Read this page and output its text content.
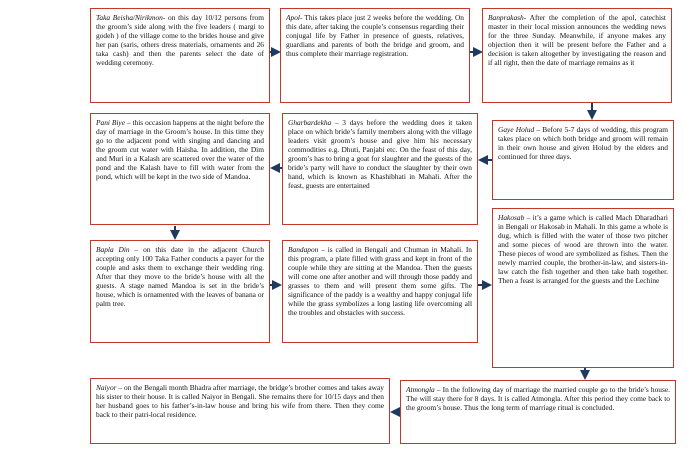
Taka Beisha/Nirikmon- on this day 10/12 persons from the groom’s side along with the five leaders ( margi to godeh ) of the village come to the brides house and give her pan (saris, others dress materials, ornaments and 26 taka cash) and then the parents select the date of wedding ceremony.
Apol- This takes place just 2 weeks before the wedding. On this date, after taking the couple’s consensus regarding their conjugal life by Father in presence of guests, relatives, guardians and parents of both the bridge and groom, and thus complete their marriage registration.
Banprakash- After the completion of the apol, catechist master in their local mission announces the wedding news for the three Sunday. Meanwhile, if anyone makes any objection then it will be present before the Father and a decision is taken altogether by investigating the reason and if all right, then the date of marriage remains as it
Pani Biye – this occasion happens at the night before the day of marriage in the Groom’s house. In this time they go to the adjacent pond with singing and dancing and the groom cut water with Haisha. In addition, the Dim and Muri in a Kalash are scattered over the water of the pond and the Kalash have to fill with water from the pond, which will be kept in the two side of Mandoa.
Gharbardekha – 3 days before the wedding does it taken place on which bride’s family members along with the village leaders visit groom’s house and give him his necessary commodities e.g. Dhuti, Panjabi etc. On the feast of this day, groom’s has to bring a goat for slaughter and the guests of the bride’s party will have to conduct the slaughter by their own hand, which is known as Khashibhati in Mahali. After the feast, guests are entertained
Gaye Holud – Before 5-7 days of wedding, this program takes place on which both bridge and groom will remain in their own house and given Holud by the elders and continued for three days.
Bapla Din – on this date in the adjacent Church accepting only 100 Taka Father conducts a payer for the couple and asks them to exchange their wedding ring. After that they move to the bride’s house with all the guests. A stage named Mandoa is set in the bride’s house, which is ornamented with the leaves of banana or palm tree.
Bandapon – is called in Bengali and Chuman in Mahali. In this program, a plate filled with grass and kept in front of the couple while they are sitting at the Mandoa. Then the guests will come one after another and will through those paddy and grasses to them and will present them some gifts. The significance of the paddy is a wealthy and happy conjugal life while the grass symbolizes a long lasting life overcoming all the troubles and obstacles with success.
Hakosab – it’s a game which is called Mach Dharadhari in Bengali or Hakosab in Mahali. In this game a whole is dug, which is filled with the water of those two pitcher and some pieces of wood are thrown into the water. These pieces of wood are symbolized as fishes. Then the newly married couple, the brother-in-law, and sisters-in-law catch the fish together and then take bath together. Then a feast is arranged for the guests and the Lechine
Naiyor – on the Bengali month Bhadra after marriage, the bridge’s brother comes and takes away his sister to their house. It is called Naiyor in Bengali. She remains there for 10/15 days and then her husband goes to his father’s-in-law house and bring his wife from there. Then they come back to their patri-local residence.
Atmongla – In the following day of marriage the married couple go to the bride’s house. The will stay there for 8 days. It is called Atmongla. After this period they come back to the groom’s house. Thus the long term of marriage ritual is concluded.
